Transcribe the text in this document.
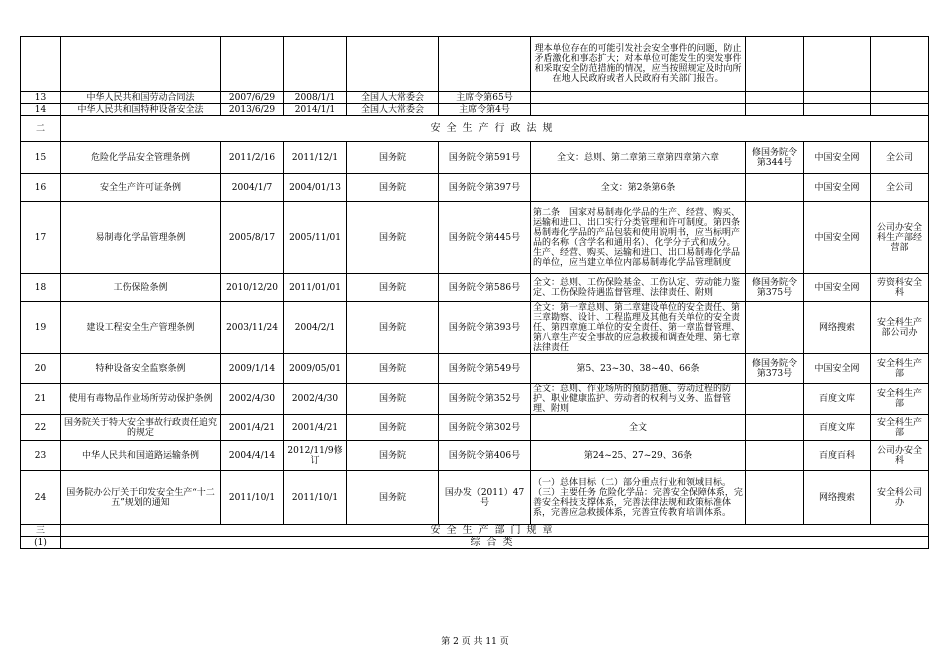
						理本单位存在的可能引发社会安全事件的问题，防止矛盾激化和事态扩大；对本单位可能发生的突发事件和采取安全防范措施的情况，应当按照规定及时向所在地人民政府或者人民政府有关部门报告。			
13	中华人民共和国劳动合同法	2007/6/29	2008/1/1	全国人大常委会	主席令第65号				
14	中华人民共和国特种设备安全法	2013/6/29	2014/1/1	全国人大常委会	主席令第4号				
二	安全生产行政法规								
15	危险化学品安全管理条例	2011/2/16	2011/12/1	国务院	国务院令第591号	全文：总则、第二章第三章第四章第六章	修国务院令第344号	中国安全网	全公司
16	安全生产许可证条例	2004/1/7	2004/01/13	国务院	国务院令第397号	全文：第2条第6条		中国安全网	全公司
17	易制毒化学品管理条例	2005/8/17	2005/11/01	国务院	国务院令第445号	第二条　国家对易制毒化学品的生产、经营、购买、运输和进口、出口实行分类管理和许可制度。第四条　易制毒化学品的产品包装和使用说明书，应当标明产品的名称（含学名和通用名）、化学分子式和成分。生产、经营、购买、运输和进口、出口易制毒化学品的单位，应当建立单位内部易制毒化学品管理制度		中国安全网	公司办安全科生产部经营部
18	工伤保险条例	2010/12/20	2011/01/01	国务院	国务院令第586号	全文：总则、工伤保险基金、工伤认定、劳动能力鉴定、工伤保险待遇监督管理、法律责任、附则	修国务院令第375号	中国安全网	劳资科安全科
19	建设工程安全生产管理条例	2003/11/24	2004/2/1	国务院	国务院令第393号	全文：第一章总则、第二章建设单位的安全责任、第三章勘察、设计、工程监理及其他有关单位的安全责任、第四章施工单位的安全责任、第一章监督管理、第八章生产安全事故的应急救援和调查处理、第七章法律责任		网络搜索	安全科生产部公司办
20	特种设备安全监察条例	2009/1/14	2009/05/01	国务院	国务院令第549号	第5、23~30、38~40、66条	修国务院令第373号	中国安全网	安全科生产部
21	使用有毒物品作业场所劳动保护条例	2002/4/30	2002/4/30	国务院	国务院令第352号	全文：总则、作业场所的预防措施、劳动过程的防护、职业健康监护、劳动者的权利与义务、监督管理、附则		百度文库	安全科生产部
22	国务院关于特大安全事故行政责任追究的规定	2001/4/21	2001/4/21	国务院	国务院令第302号	全文		百度文库	安全科生产部
23	中华人民共和国道路运输条例	2004/4/14	2012/11/9修订	国务院	国务院令第406号	第24~25、27~29、36条		百度百科	公司办安全科
24	国务院办公厅关于印发安全生产“十二五”规划的通知	2011/10/1	2011/10/1	国务院	国办发（2011）47号	（一）总体目标（二）部分重点行业和领域目标。（三）主要任务 危险化学品：完善安全保障体系，完善安全科技支撑体系，完善法律法规和政策标准体系，完善应急救援体系，完善宣传教育培训体系。		网络搜索	安全科公司办
三	安全生产部门规章								
(1)	综合类								
第 2 页 共 11 页
